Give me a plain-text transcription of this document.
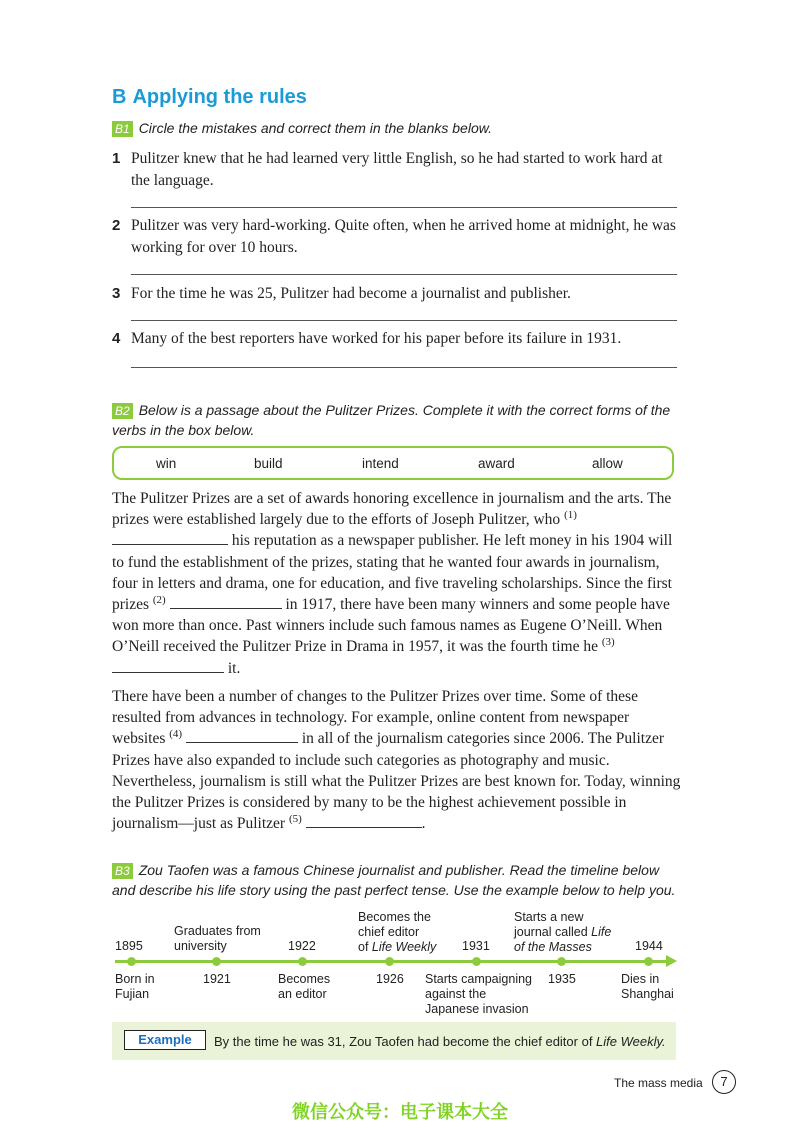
B Applying the rules
B1 Circle the mistakes and correct them in the blanks below.
1 Pulitzer knew that he had learned very little English, so he had started to work hard at the language.
2 Pulitzer was very hard-working. Quite often, when he arrived home at midnight, he was working for over 10 hours.
3 For the time he was 25, Pulitzer had become a journalist and publisher.
4 Many of the best reporters have worked for his paper before its failure in 1931.
B2 Below is a passage about the Pulitzer Prizes. Complete it with the correct forms of the verbs in the box below.
win	build	intend	award	allow

The Pulitzer Prizes are a set of awards honoring excellence in journalism and the arts. The prizes were established largely due to the efforts of Joseph Pulitzer, who $^{(1)}$  his reputation as a newspaper publisher. He left money in his 1904 will to fund the establishment of the prizes, stating that he wanted four awards in journalism, four in letters and drama, one for education, and five traveling scholarships. Since the first prizes $^{(2)}$	in 1917, there have been many winners and some people have won more than once. Past winners include such famous names as Eugene O’Neill. When O’Neill received the Pulitzer Prize in Drama in 1957, it was the fourth time he $^{(3)}$  it.

There have been a number of changes to the Pulitzer Prizes over time. Some of these resulted from advances in technology. For example, online content from newspaper websites $^{(4)}$	in all of the journalism categories since 2006. The Pulitzer Prizes have also expanded to include such categories as photography and music. Nevertheless, journalism is still what the Pulitzer Prizes are best known for. Today, winning the Pulitzer Prizes is considered by many to be the highest achievement possible in journalism—just as Pulitzer $^{(5)}$	.

B3 Zou Taofen was a famous Chinese journalist and publisher. Read the timeline below and describe his life story using the past perfect tense. Use the example below to help you.
1895
Graduates from
university	1922
Becomes the
chief editor
of Life Weekly 1931
Starts a new
journal called Life
of the Masses	1944
Born in
Fujian
1921	Becomes
an editor
1926 Starts campaigning
against the
Japanese invasion
1935	Dies in
Shanghai
Example	By the time he was 31, Zou Taofen had become the chief editor of Life Weekly.
The mass media	7
微信公众号：电子课本大全
